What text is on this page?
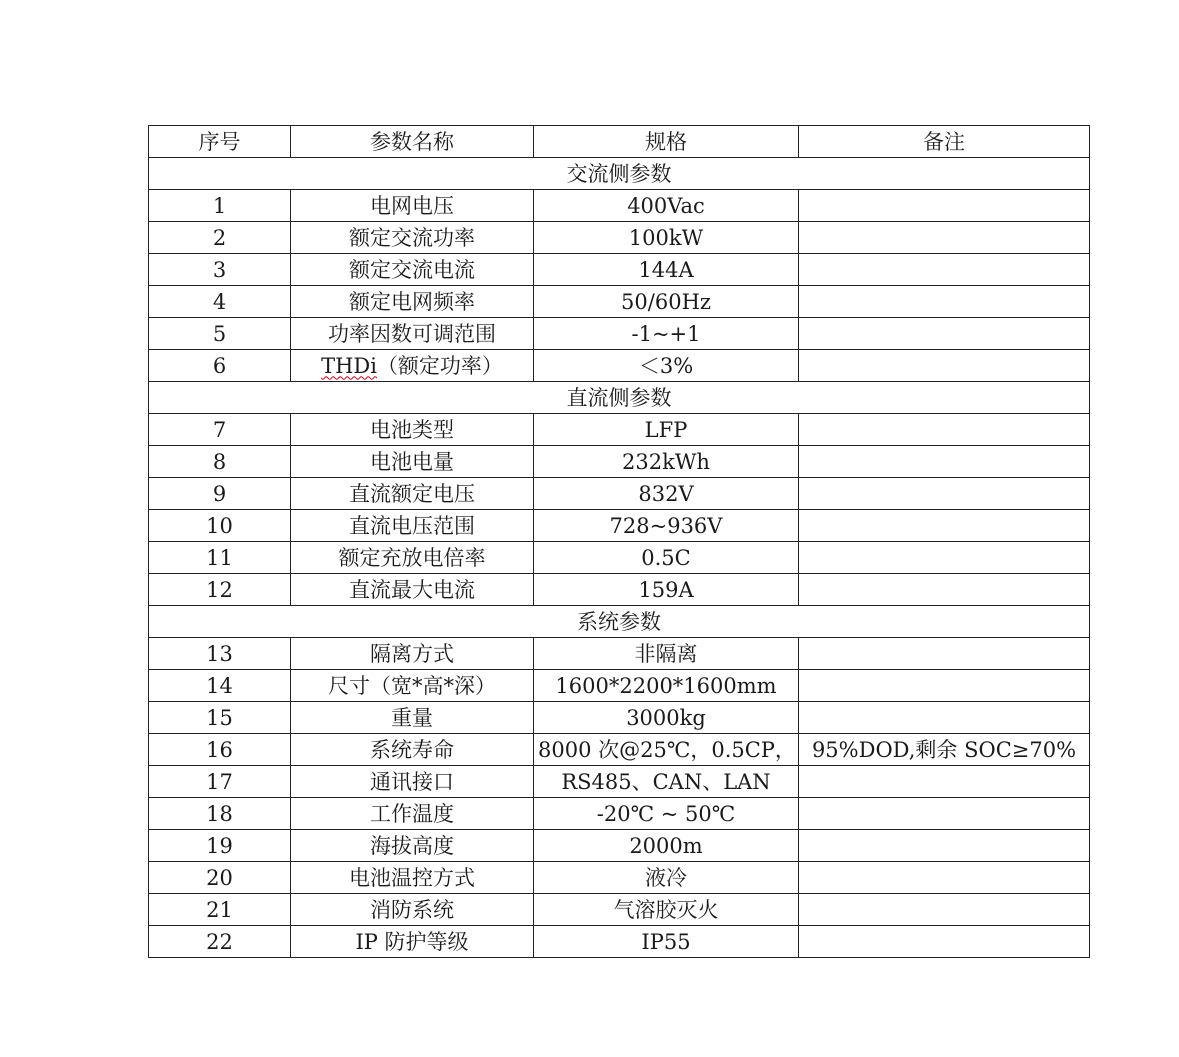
序号	参数名称	规格	备注
交流侧参数			
1	电网电压	400Vac	
2	额定交流功率	100kW	
3	额定交流电流	144A	
4	额定电网频率	50/60Hz	
5	功率因数可调范围	-1~+1	
6	THDi（额定功率）	＜3%	
直流侧参数			
7	电池类型	LFP	
8	电池电量	232kWh	
9	直流额定电压	832V	
10	直流电压范围	728~936V	
11	额定充放电倍率	0.5C	
12	直流最大电流	159A	
系统参数			
13	隔离方式	非隔离	
14	尺寸（宽*高*深）	1600*2200*1600mm	
15	重量	3000kg	
16	系统寿命	8000 次@25℃，0.5CP，	95%DOD,剩余 SOC≥70%
17	通讯接口	RS485、CAN、LAN	
18	工作温度	-20℃ ~ 50℃	
19	海拔高度	2000m	
20	电池温控方式	液冷	
21	消防系统	气溶胶灭火	
22	IP 防护等级	IP55	
